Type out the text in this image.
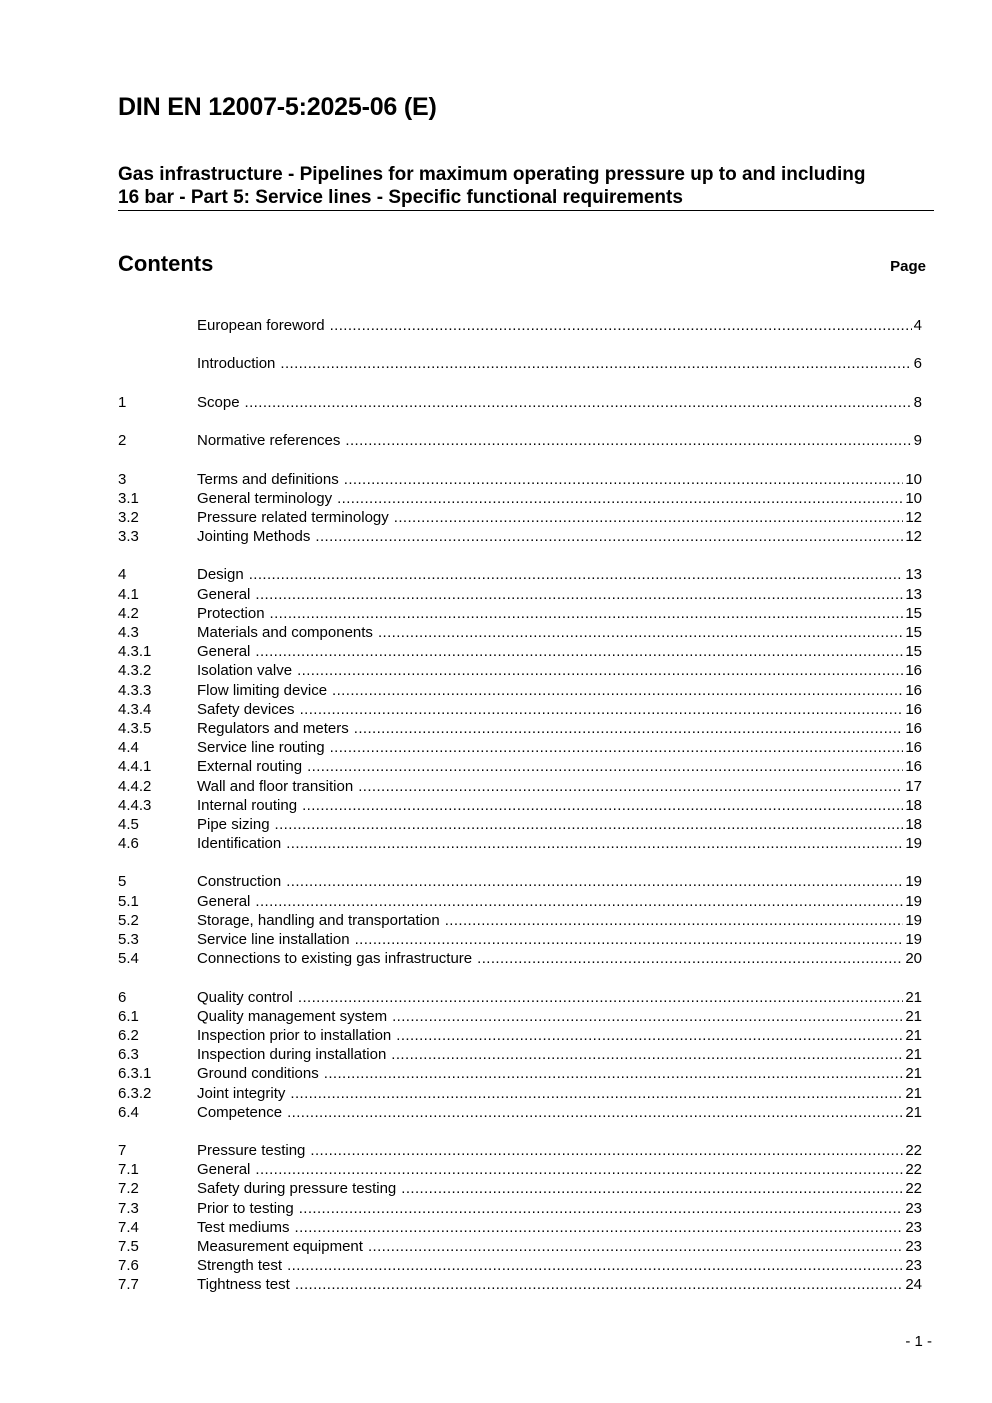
DIN EN 12007-5:2025-06 (E)
Gas infrastructure - Pipelines for maximum operating pressure up to and including
16 bar - Part 5: Service lines - Specific functional requirements
Contents	Page
European foreword .....	4
Introduction .....	6
1	Scope .....	8
2	Normative references .....	9
3	Terms and definitions .....	10
3.1	General terminology .....	10
3.2	Pressure related terminology .....	12
3.3	Jointing Methods .....	12
4	Design .....	13
4.1	General .....	13
4.2	Protection .....	15
4.3	Materials and components .....	15
4.3.1	General .....	15
4.3.2	Isolation valve .....	16
4.3.3	Flow limiting device .....	16
4.3.4	Safety devices .....	16
4.3.5	Regulators and meters .....	16
4.4	Service line routing .....	16
4.4.1	External routing .....	16
4.4.2	Wall and floor transition .....	17
4.4.3	Internal routing .....	18
4.5	Pipe sizing .....	18
4.6	Identification .....	19
5	Construction .....	19
5.1	General .....	19
5.2	Storage, handling and transportation .....	19
5.3	Service line installation .....	19
5.4	Connections to existing gas infrastructure .....	20
6	Quality control .....	21
6.1	Quality management system .....	21
6.2	Inspection prior to installation .....	21
6.3	Inspection during installation .....	21
6.3.1	Ground conditions .....	21
6.3.2	Joint integrity .....	21
6.4	Competence .....	21
7	Pressure testing .....	22
7.1	General .....	22
7.2	Safety during pressure testing .....	22
7.3	Prior to testing .....	23
7.4	Test mediums .....	23
7.5	Measurement equipment .....	23
7.6	Strength test .....	23
7.7	Tightness test .....	24
- 1 -
